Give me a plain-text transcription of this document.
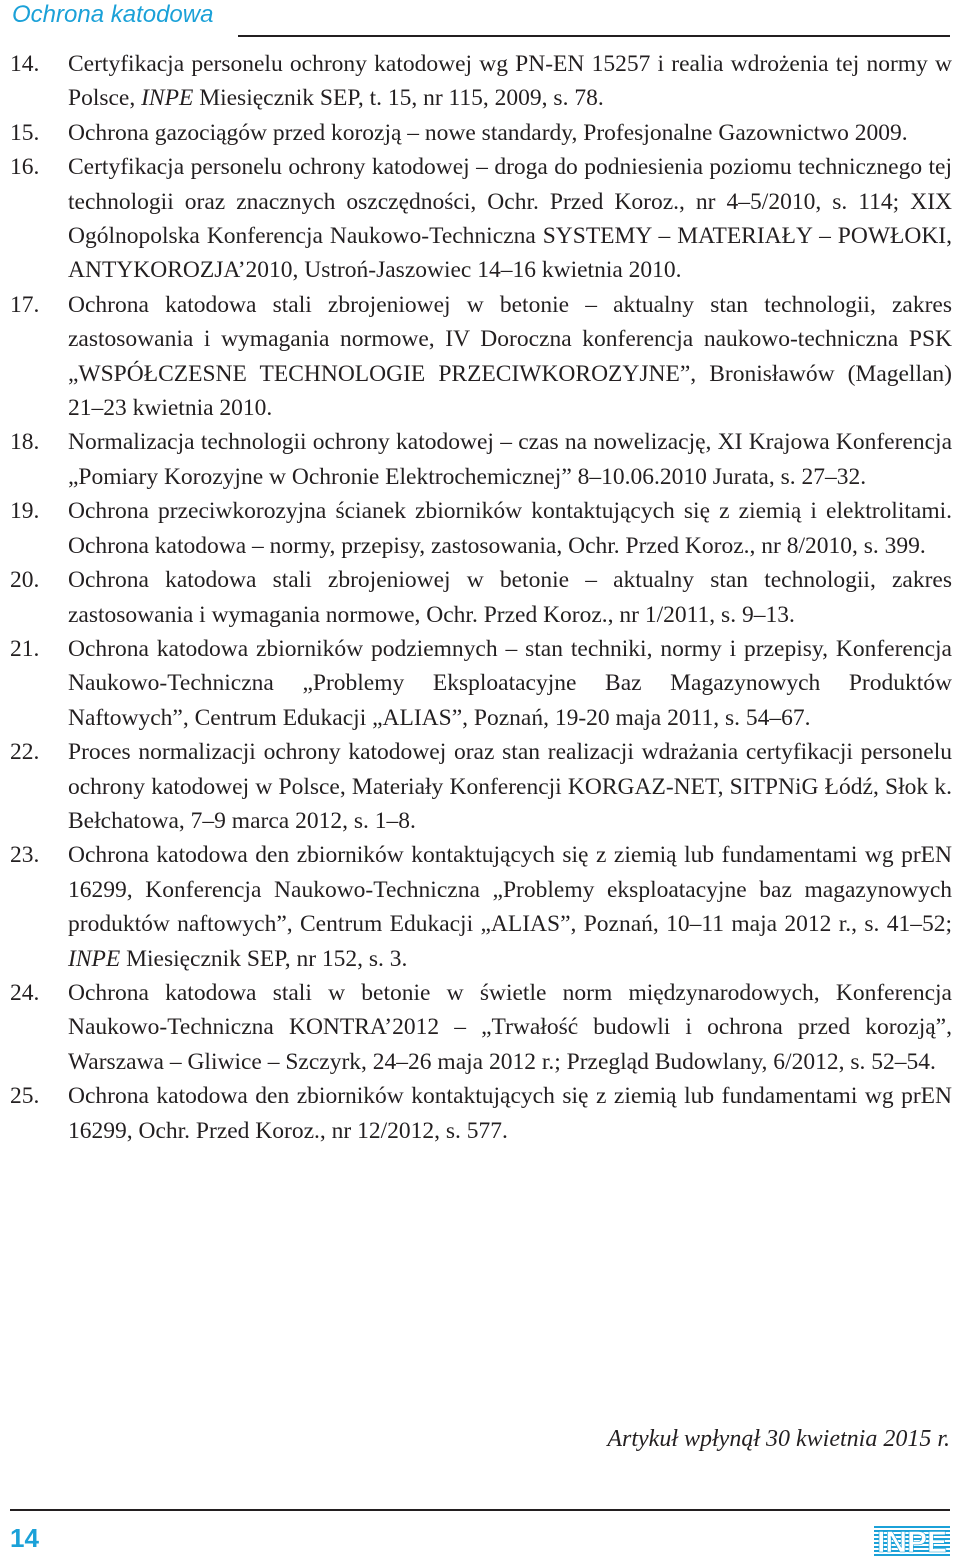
Ochrona katodowa
14.	Certyfikacja personelu ochrony katodowej wg PN-EN 15257 i realia wdrożenia tej normy w Polsce, INPE Miesięcznik SEP, t. 15, nr 115, 2009, s. 78.
15.	Ochrona gazociągów przed korozją – nowe standardy, Profesjonalne Gazownictwo 2009.
16.	Certyfikacja personelu ochrony katodowej – droga do podniesienia poziomu technicznego tej technologii oraz znacznych oszczędności, Ochr. Przed Koroz., nr 4–5/2010, s. 114; XIX Ogólnopolska Konferencja Naukowo-Techniczna SYSTEMY – MATERIAŁY – POWŁOKI, ANTYKOROZJA’2010, Ustroń-Jaszowiec 14–16 kwietnia 2010.
17.	Ochrona katodowa stali zbrojeniowej w betonie – aktualny stan technologii, zakres zastosowania i wymagania normowe, IV Doroczna konferencja naukowo-techniczna PSK „WSPÓŁCZESNE TECHNOLOGIE PRZECIWKOROZYJNE”, Bronisławów (Magellan) 21–23 kwietnia 2010.
18.	Normalizacja technologii ochrony katodowej – czas na nowelizację, XI Krajowa Konferencja „Pomiary Korozyjne w Ochronie Elektrochemicznej” 8–10.06.2010 Jurata, s. 27–32.
19.	Ochrona przeciwkorozyjna ścianek zbiorników kontaktujących się z ziemią i elektrolitami. Ochrona katodowa – normy, przepisy, zastosowania, Ochr. Przed Koroz., nr 8/2010, s. 399.
20.	Ochrona katodowa stali zbrojeniowej w betonie – aktualny stan technologii, zakres zastosowania i wymagania normowe, Ochr. Przed Koroz., nr 1/2011, s. 9–13.
21.	Ochrona katodowa zbiorników podziemnych – stan techniki, normy i przepisy, Konferencja Naukowo-Techniczna „Problemy Eksploatacyjne Baz Magazynowych Produktów Naftowych”, Centrum Edukacji „ALIAS”, Poznań, 19-20 maja 2011, s. 54–67.
22.	Proces normalizacji ochrony katodowej oraz stan realizacji wdrażania certyfikacji personelu ochrony katodowej w Polsce, Materiały Konferencji KORGAZ-NET, SITPNiG Łódź, Słok k. Bełchatowa, 7–9 marca 2012, s. 1–8.
23.	Ochrona katodowa den zbiorników kontaktujących się z ziemią lub fundamentami wg prEN 16299, Konferencja Naukowo-Techniczna „Problemy eksploatacyjne baz magazynowych produktów naftowych”, Centrum Edukacji „ALIAS”, Poznań, 10–11 maja 2012 r., s. 41–52; INPE Miesięcznik SEP, nr 152, s. 3.
24.	Ochrona katodowa stali w betonie w świetle norm międzynarodowych, Konferencja Naukowo-Techniczna KONTRA’2012 – „Trwałość budowli i ochrona przed korozją”, Warszawa – Gliwice – Szczyrk, 24–26 maja 2012 r.; Przegląd Budowlany, 6/2012, s. 52–54.
25.	Ochrona katodowa den zbiorników kontaktujących się z ziemią lub fundamentami wg prEN 16299, Ochr. Przed Koroz., nr 12/2012, s. 577.
Artykuł wpłynął 30 kwietnia 2015 r.
14	INPE
